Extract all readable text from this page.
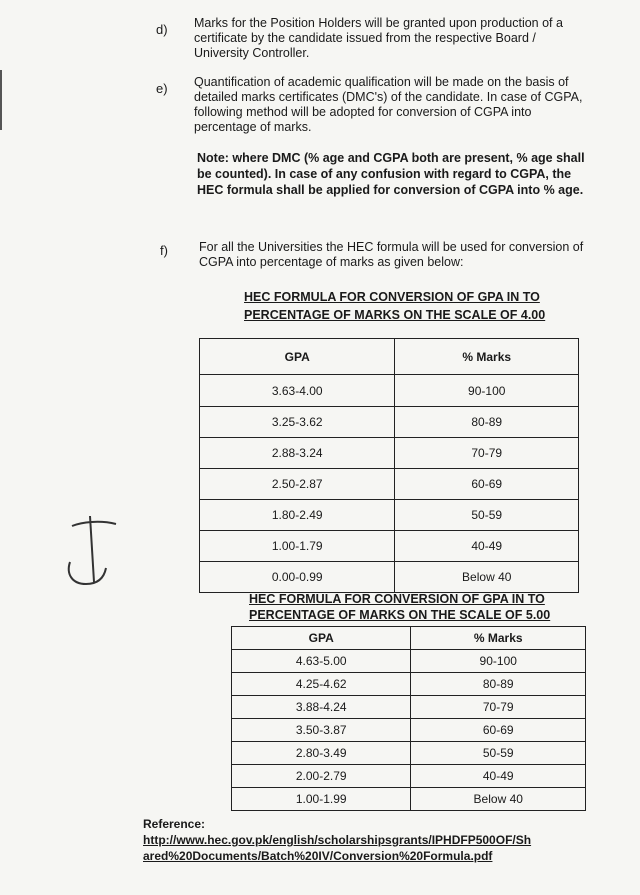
d) Marks for the Position Holders will be granted upon production of a certificate by the candidate issued from the respective Board / University Controller.
e) Quantification of academic qualification will be made on the basis of detailed marks certificates (DMC's) of the candidate. In case of CGPA, following method will be adopted for conversion of CGPA into percentage of marks.
Note: where DMC (% age and CGPA both are present, % age shall be counted). In case of any confusion with regard to CGPA, the HEC formula shall be applied for conversion of CGPA into % age.
f) For all the Universities the HEC formula will be used for conversion of CGPA into percentage of marks as given below:
HEC FORMULA FOR CONVERSION OF GPA IN TO
PERCENTAGE OF MARKS ON THE SCALE OF 4.00
GPA	% Marks
3.63-4.00	90-100
3.25-3.62	80-89
2.88-3.24	70-79
2.50-2.87	60-69
1.80-2.49	50-59
1.00-1.79	40-49
0.00-0.99	Below 40
HEC FORMULA FOR CONVERSION OF GPA IN TO
PERCENTAGE OF MARKS ON THE SCALE OF 5.00
GPA	% Marks
4.63-5.00	90-100
4.25-4.62	80-89
3.88-4.24	70-79
3.50-3.87	60-69
2.80-3.49	50-59
2.00-2.79	40-49
1.00-1.99	Below 40
Reference:
http://www.hec.gov.pk/english/scholarshipsgrants/IPHDFP500OF/Sh
ared%20Documents/Batch%20IV/Conversion%20Formula.pdf
